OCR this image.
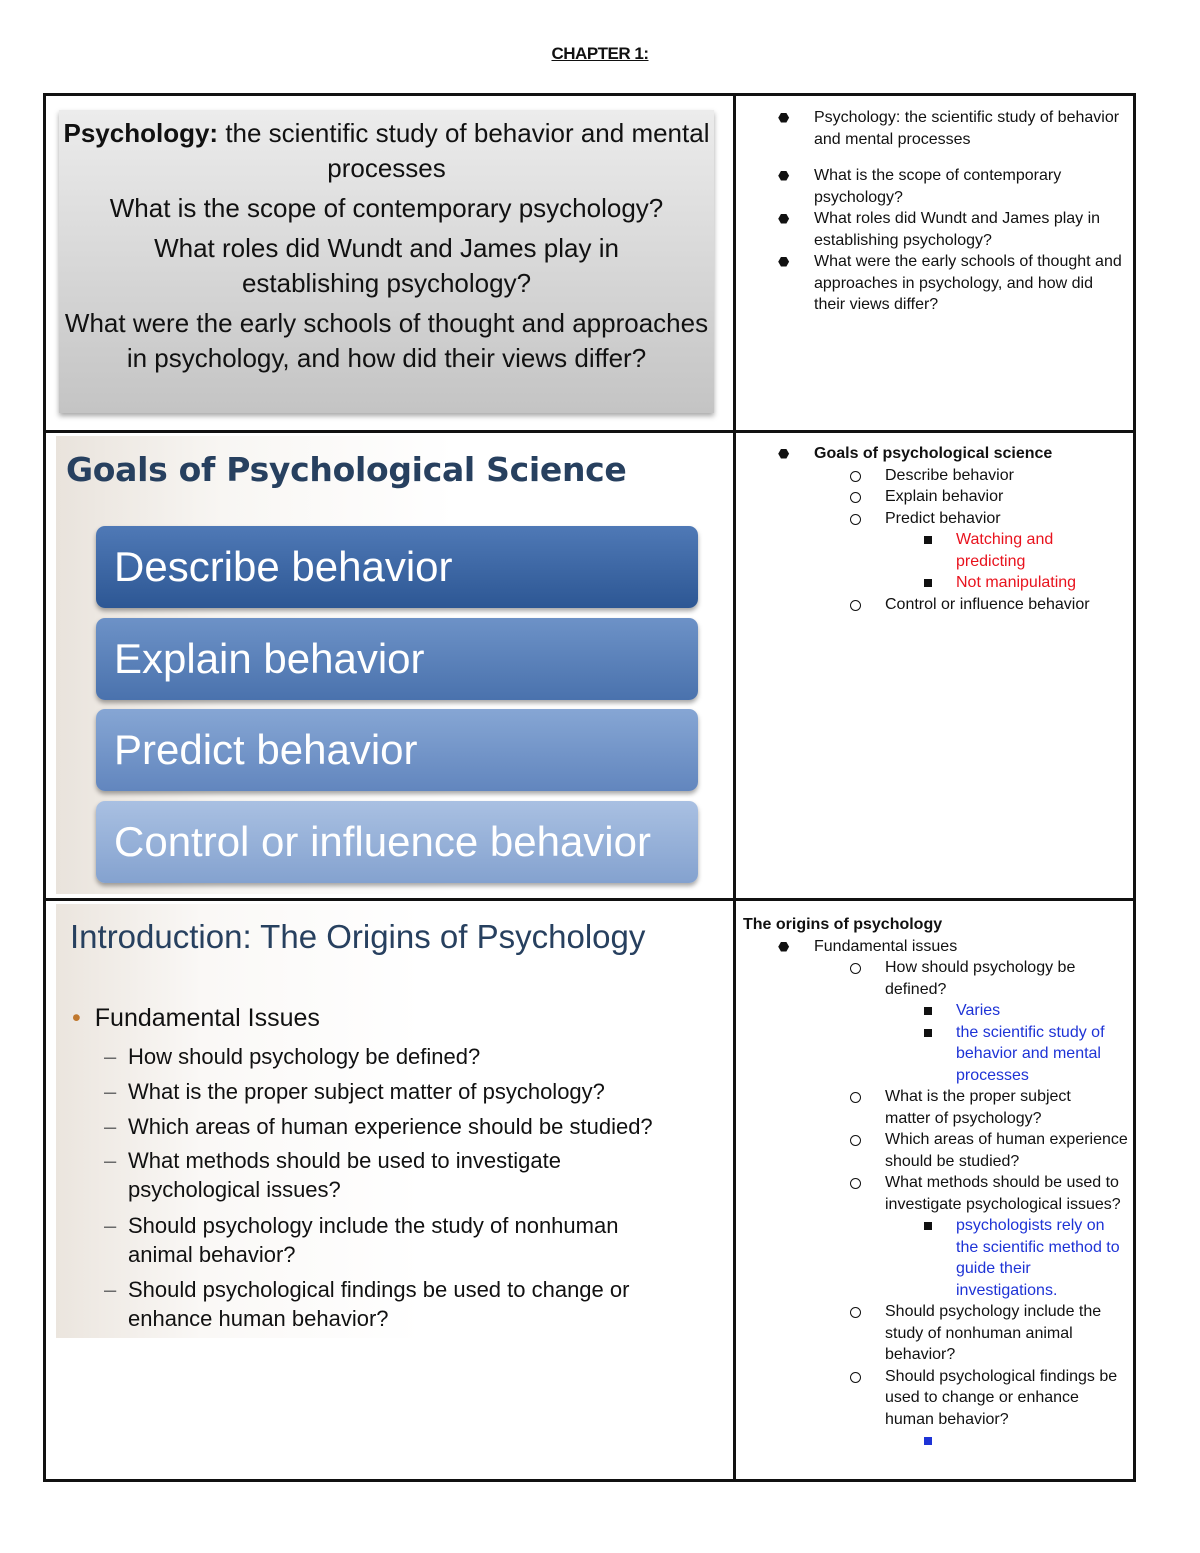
CHAPTER 1:
Psychology: the scientific study of behavior and mental processes
What is the scope of contemporary psychology?
What roles did Wundt and James play in establishing psychology?
What were the early schools of thought and approaches in psychology, and how did their views differ?
⬣ Psychology: the scientific study of behavior and mental processes
⬣ What is the scope of contemporary psychology?
⬣ What roles did Wundt and James play in establishing psychology?
⬣ What were the early schools of thought and approaches in psychology, and how did their views differ?
Goals of Psychological Science
Describe behavior
Explain behavior
Predict behavior
Control or influence behavior
⬣ Goals of psychological science
Describe behavior
Explain behavior
Predict behavior
Watching and predicting
Not manipulating
Control or influence behavior
Introduction: The Origins of Psychology
• Fundamental Issues
– How should psychology be defined?
– What is the proper subject matter of psychology?
– Which areas of human experience should be studied?
– What methods should be used to investigate psychological issues?
– Should psychology include the study of nonhuman animal behavior?
– Should psychological findings be used to change or enhance human behavior?
The origins of psychology
⬣ Fundamental issues
How should psychology be defined?
Varies
the scientific study of behavior and mental processes
What is the proper subject matter of psychology?
Which areas of human experience should be studied?
What methods should be used to investigate psychological issues?
psychologists rely on the scientific method to guide their investigations.
Should psychology include the study of nonhuman animal behavior?
Should psychological findings be used to change or enhance human behavior?
